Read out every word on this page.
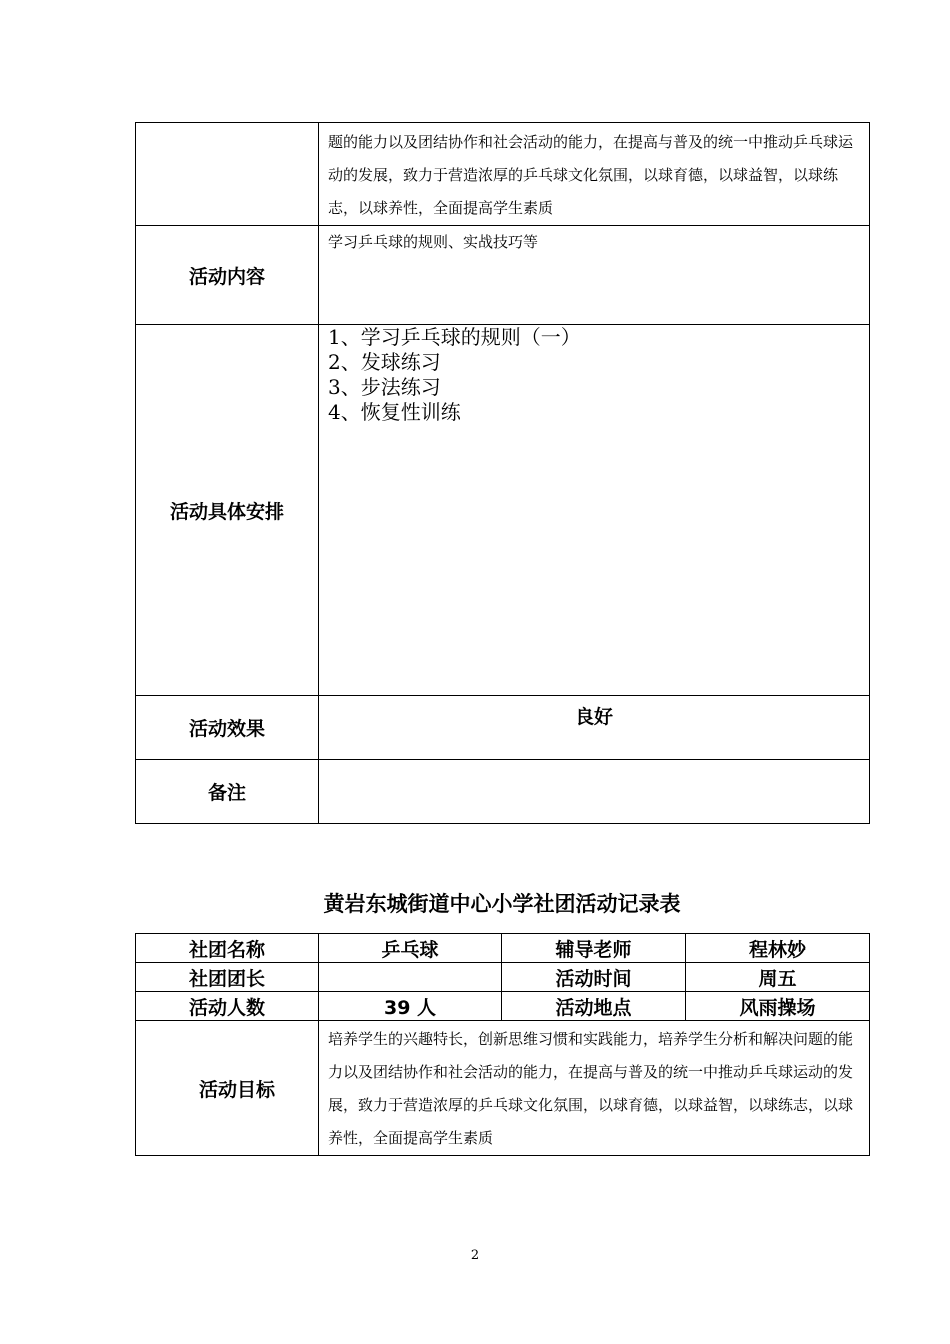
	题的能力以及团结协作和社会活动的能力，在提高与普及的统一中推动乒乓球运动的发展，致力于营造浓厚的乒乓球文化氛围，以球育德，以球益智，以球练志，以球养性，全面提高学生素质
活动内容	学习乒乓球的规则、实战技巧等
活动具体安排	1、学习乒乓球的规则（一）
2、发球练习
3、步法练习
4、恢复性训练

活动效果	良好
备注	
黄岩东城街道中心小学社团活动记录表
社团名称	乒乓球	辅导老师	程林妙
社团团长		活动时间	周五
活动人数	39 人	活动地点	风雨操场
活动目标	培养学生的兴趣特长，创新思维习惯和实践能力，培养学生分析和解决问题的能力以及团结协作和社会活动的能力，在提高与普及的统一中推动乒乓球运动的发展，致力于营造浓厚的乒乓球文化氛围，以球育德，以球益智，以球练志，以球养性，全面提高学生素质		
2
